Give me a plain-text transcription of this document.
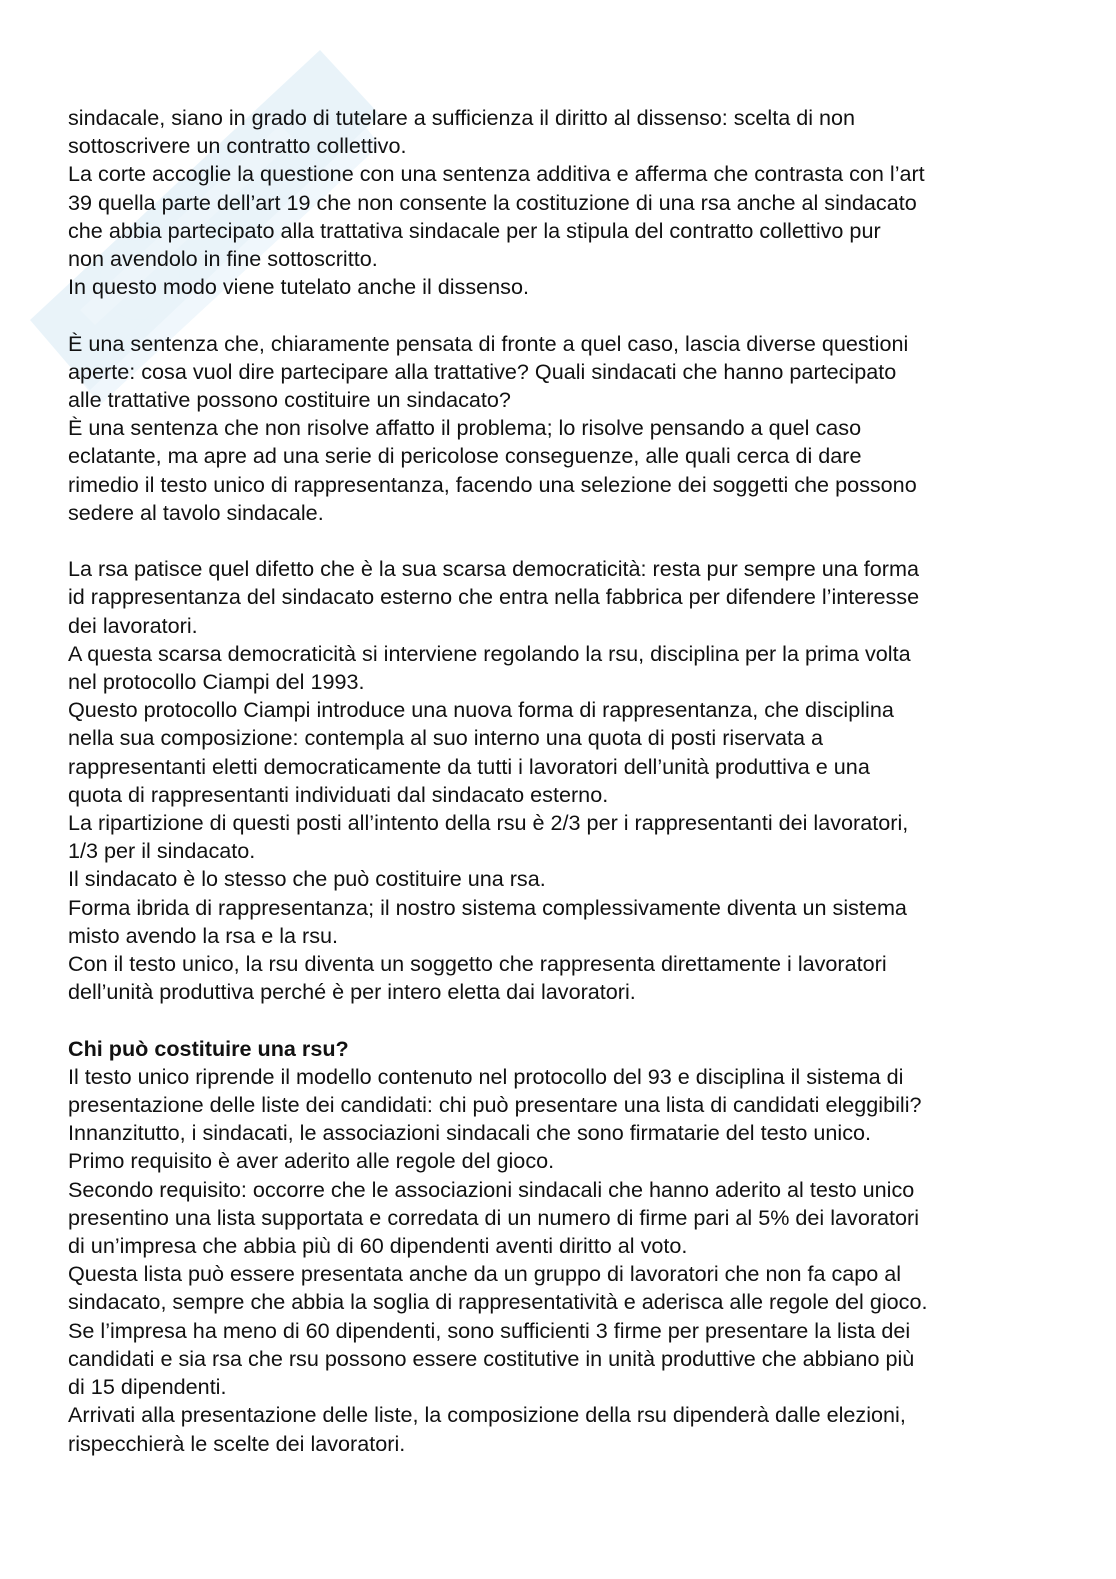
sindacale, siano in grado di tutelare a sufficienza il diritto al dissenso: scelta di non
sottoscrivere un contratto collettivo.
La corte accoglie la questione con una sentenza additiva e afferma che contrasta con l’art
39 quella parte dell’art 19 che non consente la costituzione di una rsa anche al sindacato
che abbia partecipato alla trattativa sindacale per la stipula del contratto collettivo pur
non avendolo in fine sottoscritto.
In questo modo viene tutelato anche il dissenso.
È una sentenza che, chiaramente pensata di fronte a quel caso, lascia diverse questioni
aperte: cosa vuol dire partecipare alla trattative? Quali sindacati che hanno partecipato
alle trattative possono costituire un sindacato?
È una sentenza che non risolve affatto il problema; lo risolve pensando a quel caso
eclatante, ma apre ad una serie di pericolose conseguenze, alle quali cerca di dare
rimedio il testo unico di rappresentanza, facendo una selezione dei soggetti che possono
sedere al tavolo sindacale.
La rsa patisce quel difetto che è la sua scarsa democraticità: resta pur sempre una forma
id rappresentanza del sindacato esterno che entra nella fabbrica per difendere l’interesse
dei lavoratori.
A questa scarsa democraticità si interviene regolando la rsu, disciplina per la prima volta
nel protocollo Ciampi del 1993.
Questo protocollo Ciampi introduce una nuova forma di rappresentanza, che disciplina
nella sua composizione: contempla al suo interno una quota di posti riservata a
rappresentanti eletti democraticamente da tutti i lavoratori dell’unità produttiva e una
quota di rappresentanti individuati dal sindacato esterno.
La ripartizione di questi posti all’intento della rsu è 2/3 per i rappresentanti dei lavoratori,
1/3 per il sindacato.
Il sindacato è lo stesso che può costituire una rsa.
Forma ibrida di rappresentanza; il nostro sistema complessivamente diventa un sistema
misto avendo la rsa e la rsu.
Con il testo unico, la rsu diventa un soggetto che rappresenta direttamente i lavoratori
dell’unità produttiva perché è per intero eletta dai lavoratori.
Chi può costituire una rsu?
Il testo unico riprende il modello contenuto nel protocollo del 93 e disciplina il sistema di
presentazione delle liste dei candidati: chi può presentare una lista di candidati eleggibili?
Innanzitutto, i sindacati, le associazioni sindacali che sono firmatarie del testo unico.
Primo requisito è aver aderito alle regole del gioco.
Secondo requisito: occorre che le associazioni sindacali che hanno aderito al testo unico
presentino una lista supportata e corredata di un numero di firme pari al 5% dei lavoratori
di un’impresa che abbia più di 60 dipendenti aventi diritto al voto.
Questa lista può essere presentata anche da un gruppo di lavoratori che non fa capo al
sindacato, sempre che abbia la soglia di rappresentatività e aderisca alle regole del gioco.
Se l’impresa ha meno di 60 dipendenti, sono sufficienti 3 firme per presentare la lista dei
candidati e sia rsa che rsu possono essere costitutive in unità produttive che abbiano più
di 15 dipendenti.
Arrivati alla presentazione delle liste, la composizione della rsu dipenderà dalle elezioni,
rispecchierà le scelte dei lavoratori.
